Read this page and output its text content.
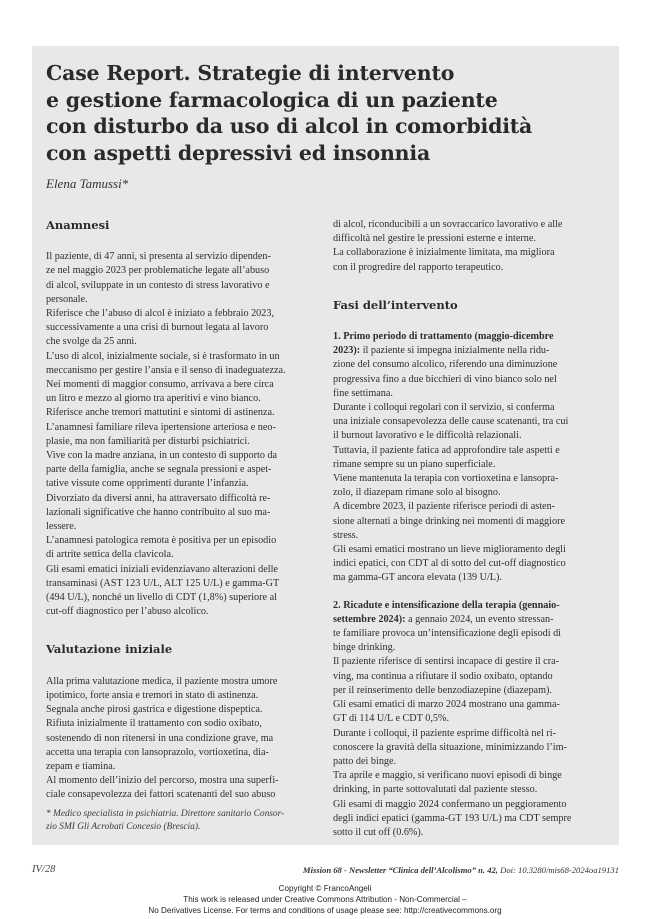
Case Report. Strategie di intervento
e gestione farmacologica di un paziente
con disturbo da uso di alcol in comorbidità
con aspetti depressivi ed insonnia
Elena Tamussi*
Anamnesi

Il paziente, di 47 anni, si presenta al servizio dipenden-

ze nel maggio 2023 per problematiche legate all’abuso

di alcol, sviluppate in un contesto di stress lavorativo e

personale.

Riferisce che l’abuso di alcol è iniziato a febbraio 2023,

successivamente a una crisi di burnout legata al lavoro

che svolge da 25 anni.

L’uso di alcol, inizialmente sociale, si è trasformato in un

meccanismo per gestire l’ansia e il senso di inadeguatezza.

Nei momenti di maggior consumo, arrivava a bere circa

un litro e mezzo al giorno tra aperitivi e vino bianco.

Riferisce anche tremori mattutini e sintomi di astinenza.

L’anamnesi familiare rileva ipertensione arteriosa e neo-

plasie, ma non familiarità per disturbi psichiatrici.

Vive con la madre anziana, in un contesto di supporto da

parte della famiglia, anche se segnala pressioni e aspet-

tative vissute come oppriment​i durante l’infanzia.

Divorziato da diversi anni, ha attraversato difficoltà re-

lazionali significative che hanno contribuito al suo ma-

lessere.

L’anamnesi patologica remota è positiva per un episodio

di artrite settica della clavicola.

Gli esami ematici iniziali evidenziavano alterazioni delle

transaminasi (AST 123 U/L, ALT 125 U/L) e gamma-GT

(494 U/L), nonché un livello di CDT (1,8%) superiore al

cut-off diagnostico per l’abuso alcolico.

Valutazione iniziale

Alla prima valutazione medica, il paziente mostra umore

ipotimico, forte ansia e tremori in stato di astinenza.

Segnala anche pirosi gastrica e digestione dispeptica.

Rifiuta inizialmente il trattamento con sodio oxibato,

sostenendo di non ritenersi in una condizione grave, ma

accetta una terapia con lansoprazolo, vortioxetina, dia-

zepam e tiamina.

Al momento dell’inizio del percorso, mostra una superfi-

ciale consapevolezza dei fattori scatenanti del suo abuso

di alcol, riconducibili a un sovraccarico lavorativo e alle

difficoltà nel gestire le pressioni esterne e interne.

La collaborazione è inizialmente limitata, ma migliora

con il progredire del rapporto terapeutico.

Fasi dell’intervento

1. Primo periodo di trattamento (maggio-dicembre

2023): il paziente si impegna inizialmente nella ridu-

zione del consumo alcolico, riferendo una diminuzione

progressiva fino a due bicchieri di vino bianco solo nel

fine settimana.

Durante i colloqui regolari con il servizio, si conferma

una iniziale consapevolezza delle cause scatenanti, tra cui

il burnout lavorativo e le difficoltà relazionali.

Tuttavia, il paziente fatica ad approfondire tale aspetti e

rimane sempre su un piano superficiale.

Viene mantenuta la terapia con vortioxetina e lansopra-

zolo, il diazepam rimane solo al bisogno.

A dicembre 2023, il paziente riferisce periodi di asten-

sione alternati a binge drinking nei momenti di maggiore

stress.

Gli esami ematici mostrano un lieve miglioramento degli

indici epatici, con CDT al di sotto del cut-off diagnostico

ma gamma-GT ancora elevata (139 U/L).

2. Ricadute e intensificazione della terapia (gennaio-

settembre 2024): a gennaio 2024, un evento stressan-

te familiare provoca un’intensificazione degli episodi di

binge drinking.

Il paziente riferisce di sentirsi incapace di gestire il cra-

ving, ma continua a rifiutare il sodio oxibato, optando

per il reinserimento delle benzodiazepine (diazepam).

Gli esami ematici di marzo 2024 mostrano una gamma-

GT di 114 U/L e CDT 0,5%.

Durante i colloqui, il paziente esprime difficoltà nel ri-

conoscere la gravità della situazione, minimizzando l’im-

patto dei binge.

Tra aprile e maggio, si verificano nuovi episodi di binge

drinking, in parte sottovalutati dal paziente stesso.

Gli esami di maggio 2024 confermano un peggioramento

degli indici epatici (gamma-GT 193 U/L) ma CDT sempre

sotto il cut off (0.6%).

* Medico specialista in psichiatria. Direttore sanitario Consor-
zio SMI Gli Acrobati Concesio (Brescia).
IV/28	Mission 68 - Newsletter “Clinica dell’Alcolismo” n. 42, Doi: 10.3280/mis68-2024oa19131
Copyright © FrancoAngeli
This work is released under Creative Commons Attribution - Non-Commercial –
No Derivatives License. For terms and conditions of usage please see: http://creativecommons.org
